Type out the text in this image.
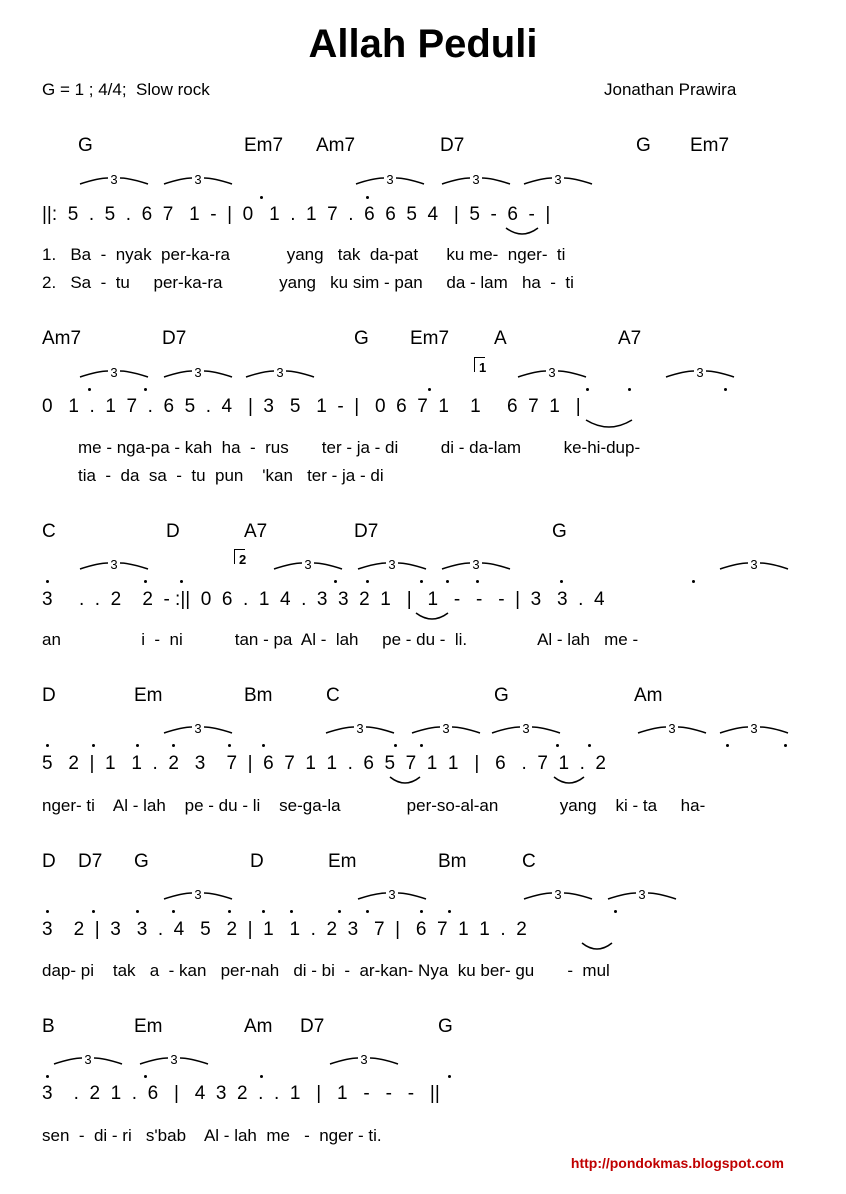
Allah Peduli
G = 1 ; 4/4;  Slow rock	Jonathan Prawira
G	Em7 Am7	D7	G Em7
3	3	3	3	3
||:  5  .  5  .  6  7   1  -  |  0   1  .  1  7  .  6  6  5  4   |  5  -  6  -  |
1.   Ba  -  nyak  per-ka-ra            yang   tak  da-pat      ku me-  nger-  ti
2.   Sa  -  tu     per-ka-ra            yang   ku sim - pan     da - lam   ha  -  ti
Am7	D7	G Em7 A	A7
3	3	3	3	3
1
0   1  .  1  7  .  6  5  .  4   |  3   5   1  -  |   0  6  7  1    1     6  7  1   |
me - nga-pa - kah  ha  -  rus       ter - ja - di         di - da-lam         ke-hi-dup-
tia  -  da  sa  -  tu  pun    'kan   ter - ja - di
C	D	A7	D7	G
3	3	3	3	3
2
3     .  .  2    2  - :||  0  6  .  1  4  .  3  3  2  1   |   1   -   -   -  |  3   3  .  4
an                 i  -  ni           tan - pa  Al -  lah     pe - du -  li.               Al - lah   me -
D	Em	Bm	C	G	Am
3	3	3	3	3	3
5   2  |  1   1  .  2   3    7  |  6  7  1  1  .  6  5  7  1  1   |   6   .  7  1  .  2
nger- ti    Al - lah    pe - du - li    se-ga-la              per-so-al-an             yang    ki - ta     ha-
D D7 G	D	Em	Bm	C
3	3	3	3
3    2  |  3   3  .  4   5   2  |  1   1  .  2  3   7  |   6  7  1  1  .  2
dap- pi    tak   a  - kan   per-nah   di - bi  -  ar-kan- Nya  ku ber- gu       -  mul
B	Em	Am D7	G
3	3	3
3    .  2  1  .  6   |   4  3  2  .  .  1   |   1   -   -   -   ||
sen  -  di - ri   s'bab    Al - lah  me   -  nger - ti.
http://pondokmas.blogspot.com
